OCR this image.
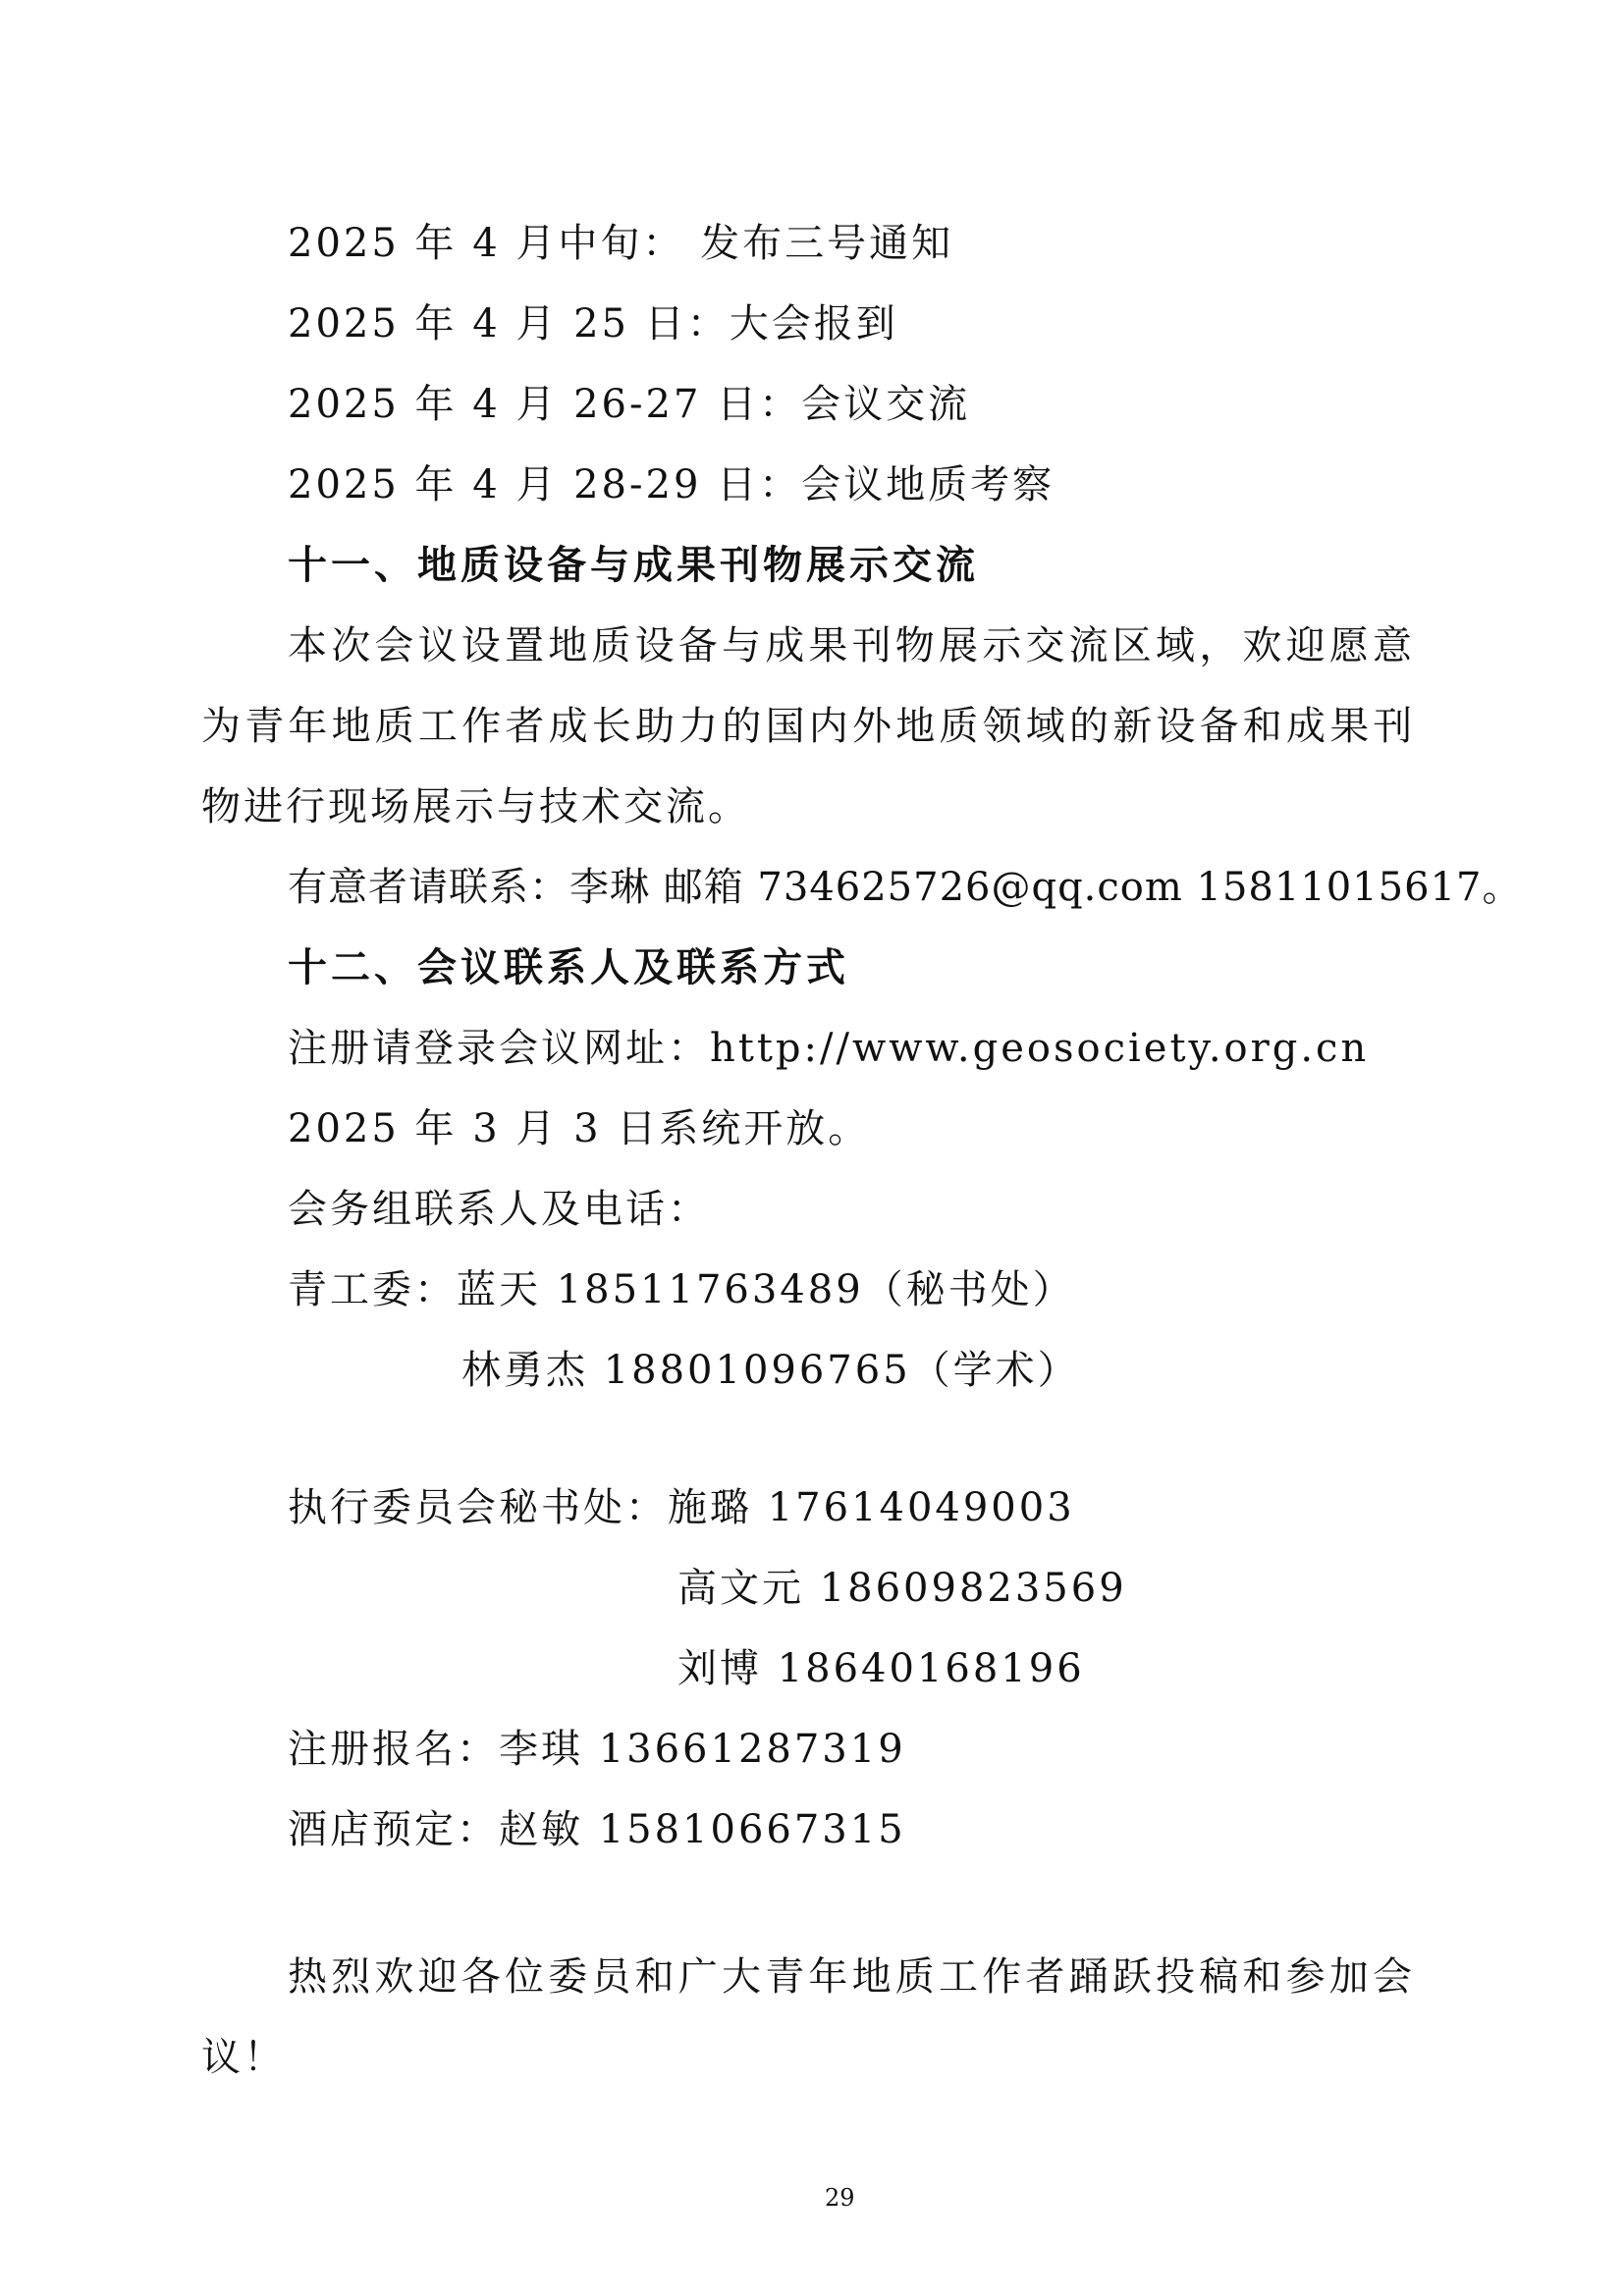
2025 年 4 月中旬： 发布三号通知
2025 年 4 月 25 日：大会报到
2025 年 4 月 26-27 日：会议交流
2025 年 4 月 28-29 日：会议地质考察
十一、地质设备与成果刊物展示交流
本次会议设置地质设备与成果刊物展示交流区域，欢迎愿意
为青年地质工作者成长助力的国内外地质领域的新设备和成果刊
物进行现场展示与技术交流。
有意者请联系：李琳 邮箱 734625726@qq.com 15811015617。
十二、会议联系人及联系方式
注册请登录会议网址：http://www.geosociety.org.cn
2025 年 3 月 3 日系统开放。
会务组联系人及电话：
青工委：蓝天 18511763489（秘书处）
林勇杰 18801096765（学术）
执行委员会秘书处：施璐 17614049003
高文元 18609823569
刘博 18640168196
注册报名：李琪 13661287319
酒店预定：赵敏 15810667315
热烈欢迎各位委员和广大青年地质工作者踊跃投稿和参加会
议！
29
